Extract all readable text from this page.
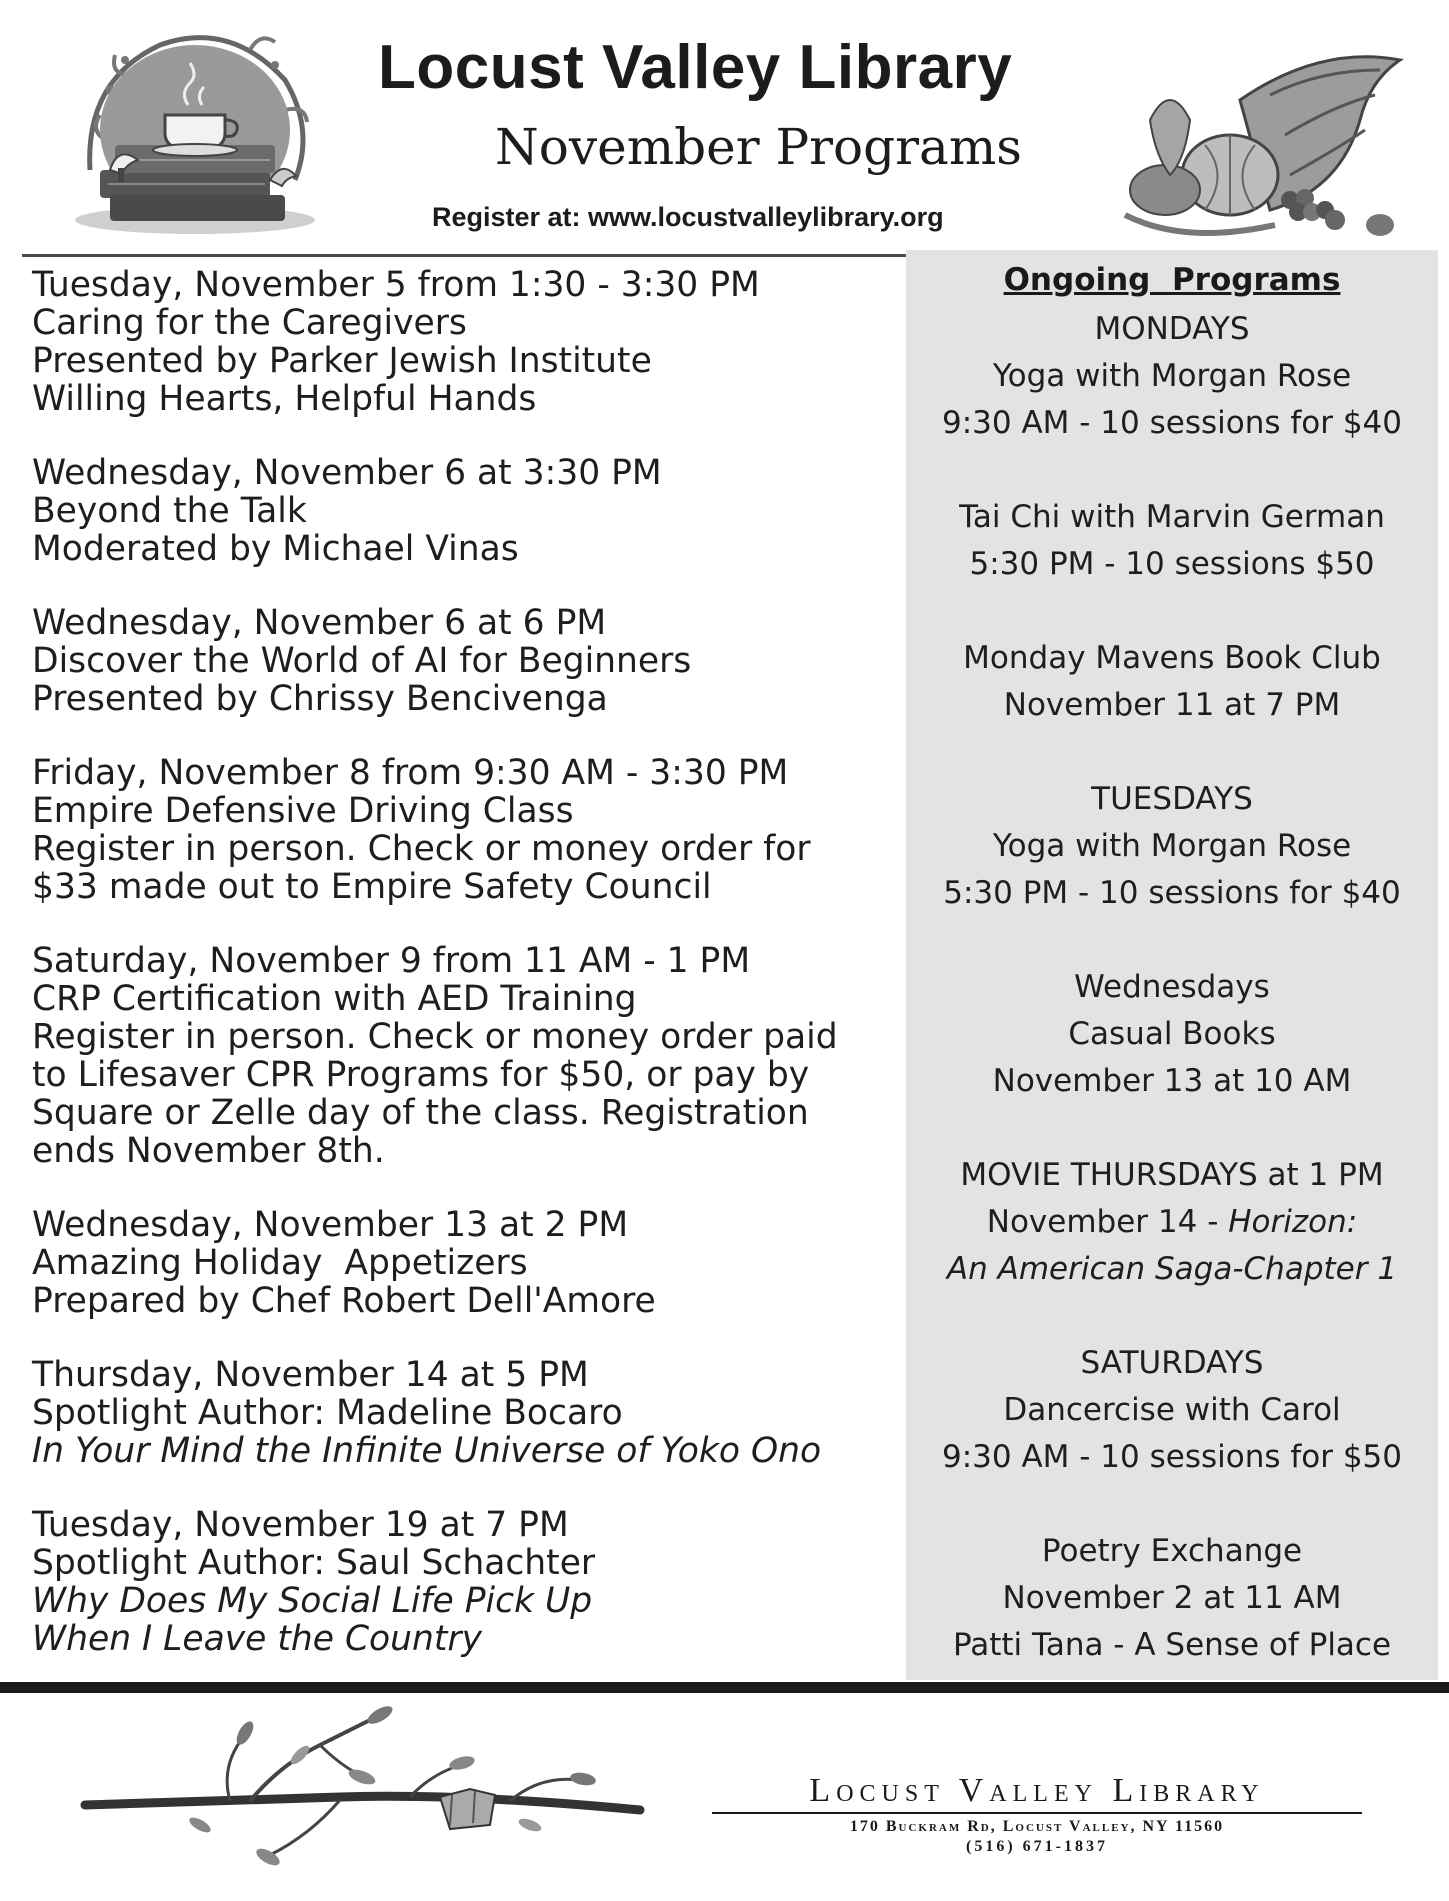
Locust Valley Library
November Programs
Register at: www.locustvalleylibrary.org
Tuesday, November 5 from 1:30 - 3:30 PM
Caring for the Caregivers
Presented by Parker Jewish Institute
Willing Hearts, Helpful Hands
Wednesday, November 6 at 3:30 PM
Beyond the Talk
Moderated by Michael Vinas
Wednesday, November 6 at 6 PM
Discover the World of AI for Beginners
Presented by Chrissy Bencivenga
Friday, November 8 from 9:30 AM - 3:30 PM
Empire Defensive Driving Class
Register in person. Check or money order for
$33 made out to Empire Safety Council
Saturday, November 9 from 11 AM - 1 PM
CRP Certification with AED Training
Register in person. Check or money order paid
to Lifesaver CPR Programs for $50, or pay by
Square or Zelle day of the class. Registration
ends November 8th.
Wednesday, November 13 at 2 PM
Amazing Holiday  Appetizers
Prepared by Chef Robert Dell'Amore
Thursday, November 14 at 5 PM
Spotlight Author: Madeline Bocaro
In Your Mind the Infinite Universe of Yoko Ono
Tuesday, November 19 at 7 PM
Spotlight Author: Saul Schachter
Why Does My Social Life Pick Up
When I Leave the Country
Ongoing  Programs
MONDAYS
Yoga with Morgan Rose
9:30 AM - 10 sessions for $40
Tai Chi with Marvin German
5:30 PM - 10 sessions $50
Monday Mavens Book Club
November 11 at 7 PM
TUESDAYS
Yoga with Morgan Rose
5:30 PM - 10 sessions for $40
Wednesdays
Casual Books
November 13 at 10 AM
MOVIE THURSDAYS at 1 PM
November 14 - Horizon:
An American Saga-Chapter 1
SATURDAYS
Dancercise with Carol
9:30 AM - 10 sessions for $50
Poetry Exchange
November 2 at 11 AM
Patti Tana - A Sense of Place
Locust Valley Library
170 Buckram Rd, Locust Valley, NY 11560
(516) 671-1837
